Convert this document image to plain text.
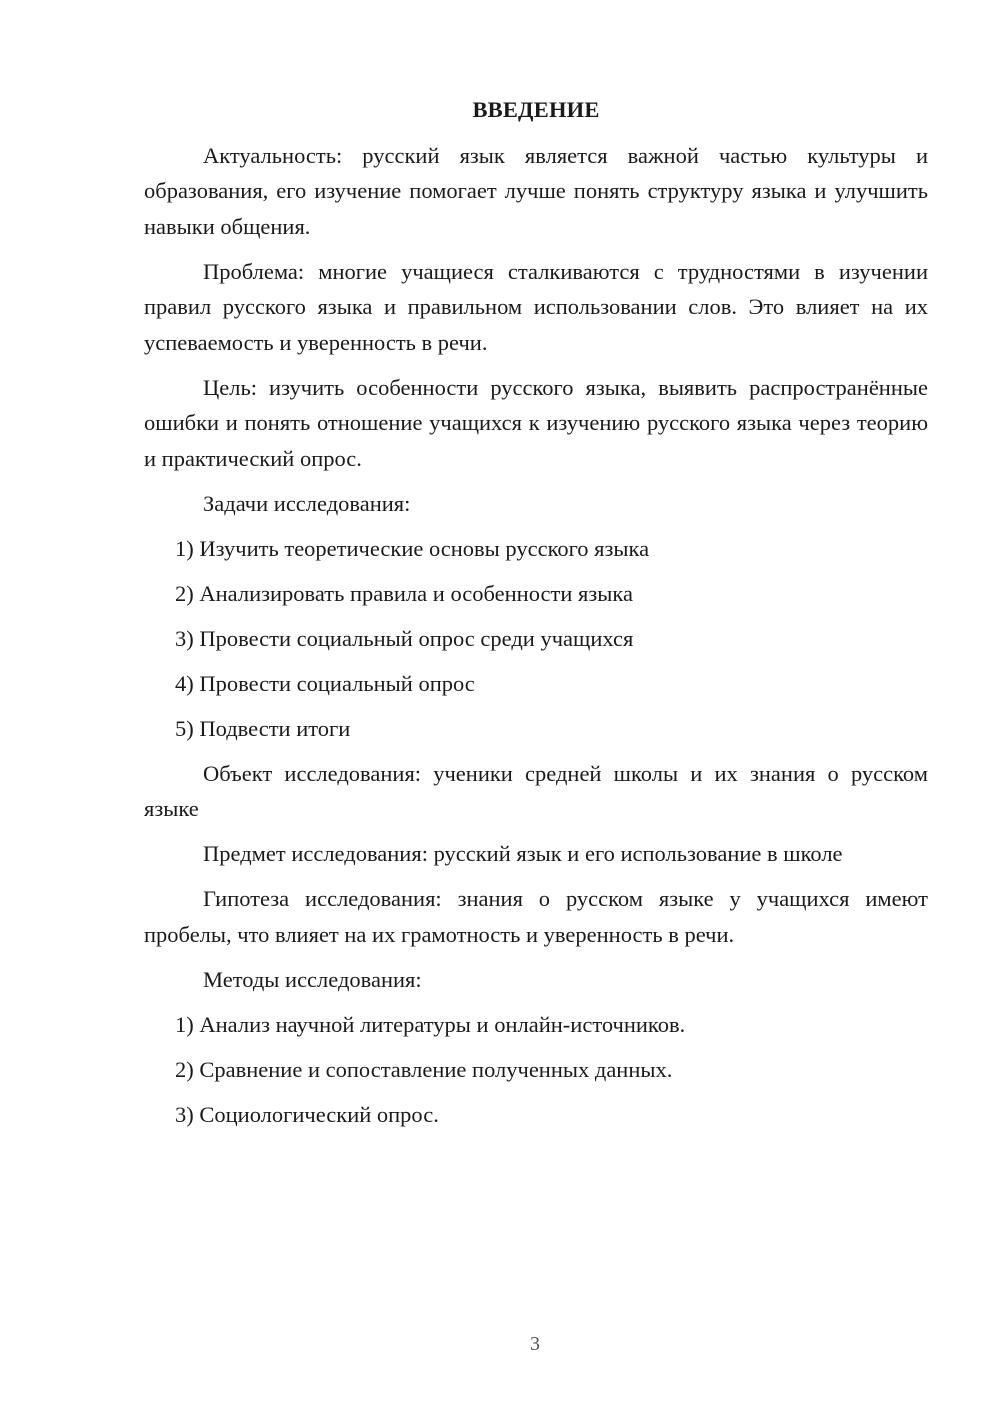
ВВЕДЕНИЕ

Актуальность: русский язык является важной частью культуры и образования, его изучение помогает лучше понять структуру языка и улучшить навыки общения.

Проблема: многие учащиеся сталкиваются с трудностями в изучении правил русского языка и правильном использовании слов. Это влияет на их успеваемость и уверенность в речи.

Цель: изучить особенности русского языка, выявить распространённые ошибки и понять отношение учащихся к изучению русского языка через теорию и практический опрос.

Задачи исследования:

1) Изучить теоретические основы русского языка

2) Анализировать правила и особенности языка

3) Провести социальный опрос среди учащихся

4) Провести социальный опрос

5) Подвести итоги

Объект исследования: ученики средней школы и их знания о русском языке

Предмет исследования: русский язык и его использование в школе

Гипотеза исследования: знания о русском языке у учащихся имеют пробелы, что влияет на их грамотность и уверенность в речи.

Методы исследования:

1) Анализ научной литературы и онлайн-источников.

2) Сравнение и сопоставление полученных данных.

3) Социологический опрос.

3
